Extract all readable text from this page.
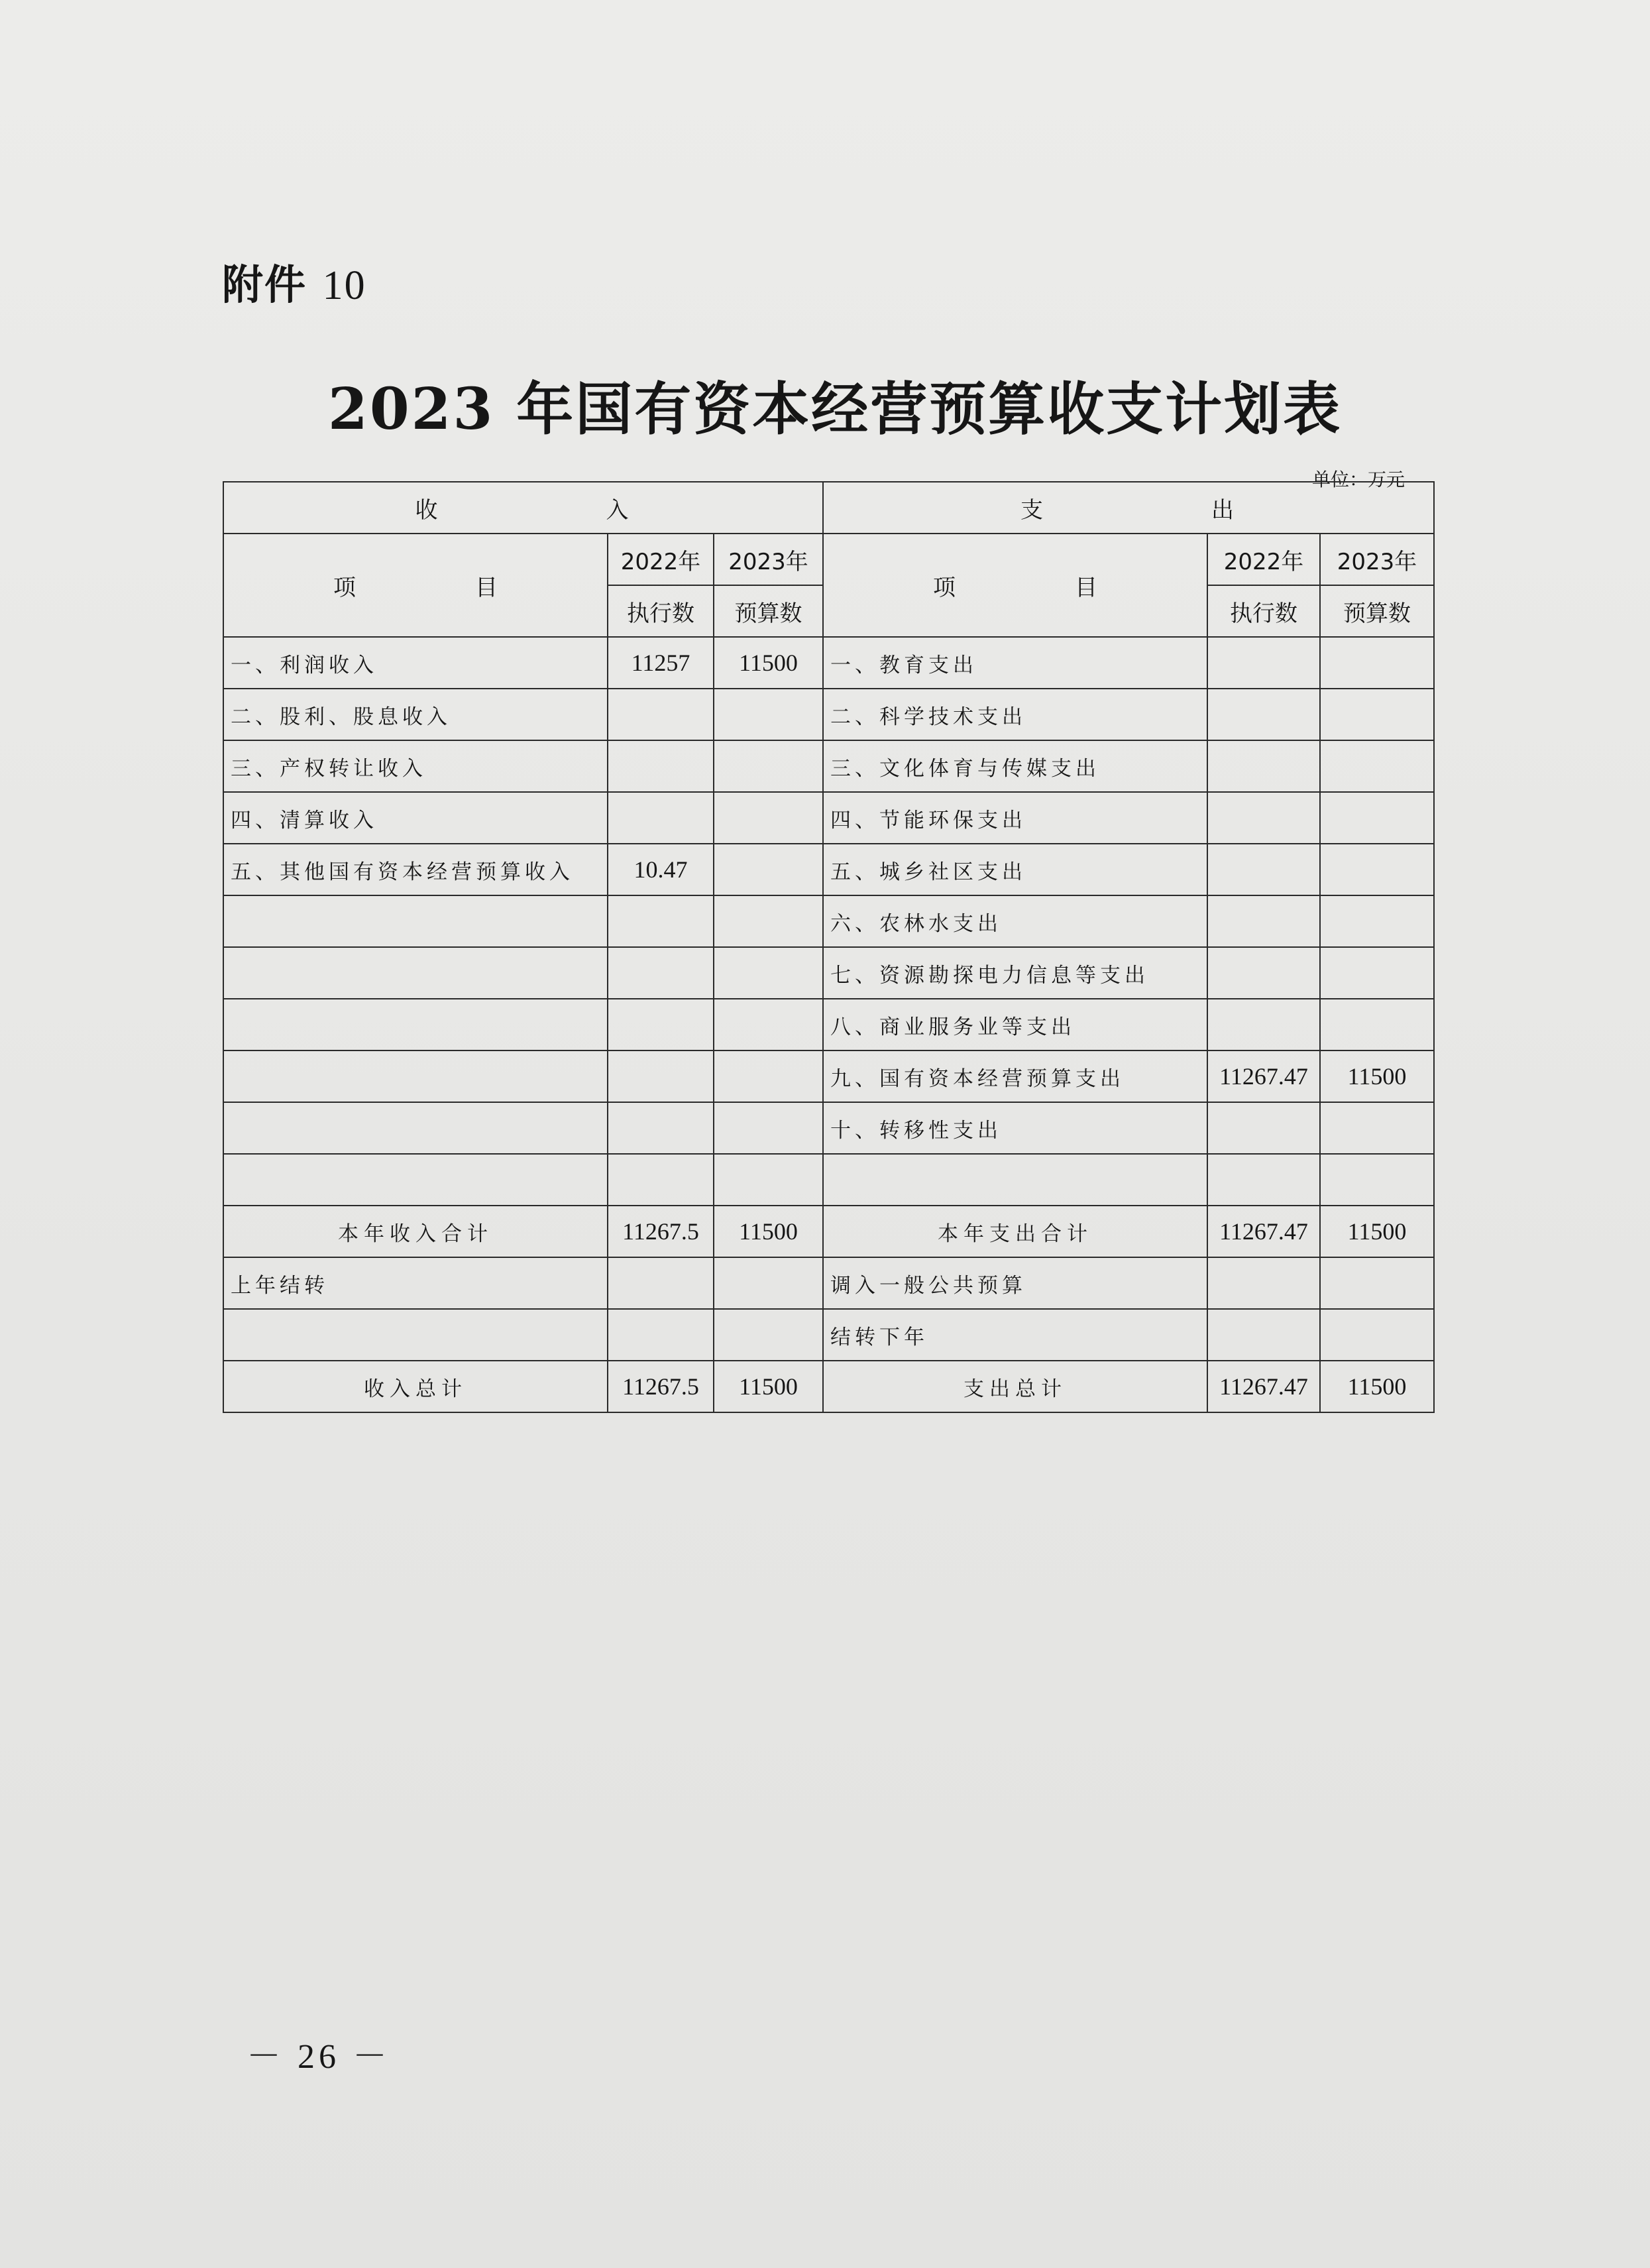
附件 10
2023 年国有资本经营预算收支计划表
单位：万元
收 入			支 出		
项 目	2022年	2023年	项 目	2022年	2023年
	执行数	预算数		执行数	预算数
一、利润收入	11257	11500	一、教育支出		
二、股利、股息收入			二、科学技术支出		
三、产权转让收入			三、文化体育与传媒支出		
四、清算收入			四、节能环保支出		
五、其他国有资本经营预算收入	10.47		五、城乡社区支出		
			六、农林水支出		
			七、资源勘探电力信息等支出		
			八、商业服务业等支出		
			九、国有资本经营预算支出	11267.47	11500
			十、转移性支出		

本年收入合计	11267.5	11500	本年支出合计	11267.47	11500
上年结转			调入一般公共预算		
			结转下年		
收入总计	11267.5	11500	支出总计	11267.47	11500
－ 26 －
